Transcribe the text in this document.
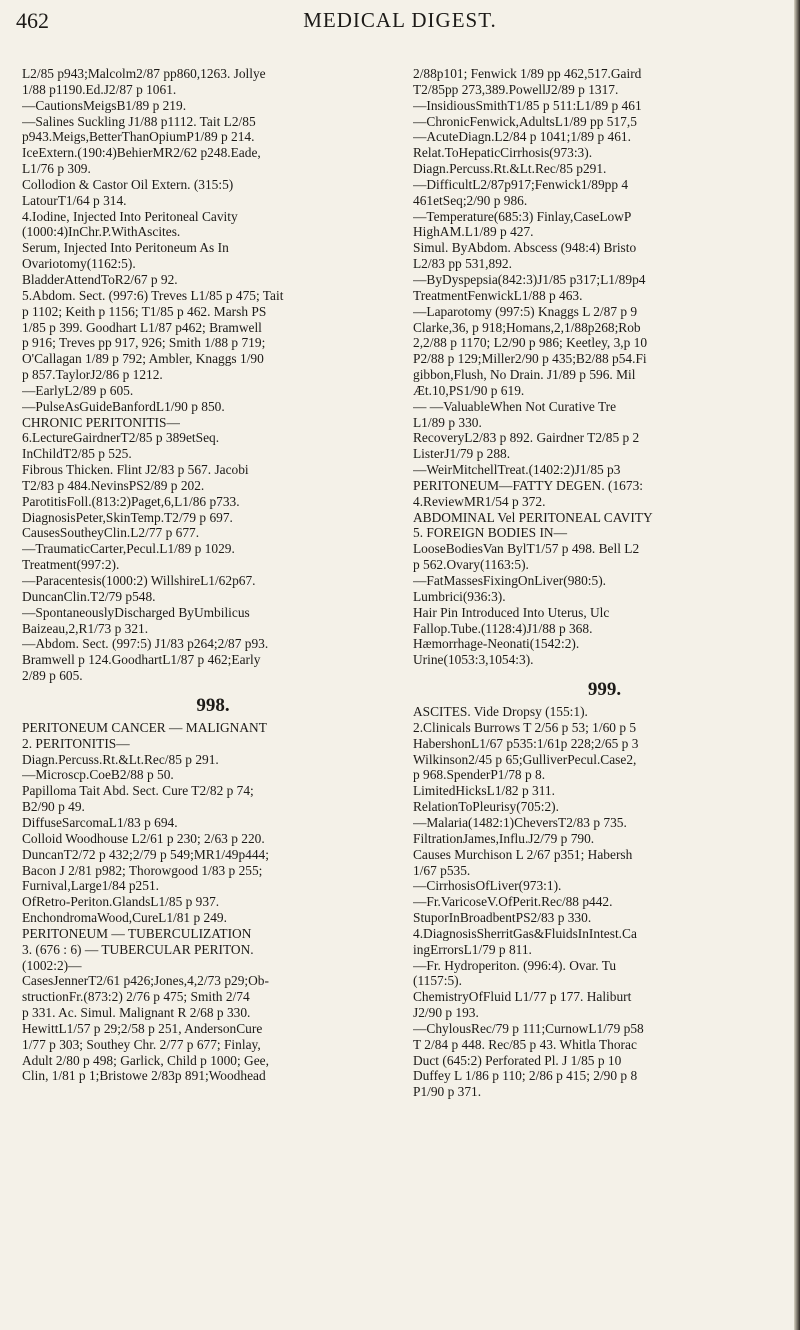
462	MEDICAL DIGEST.
L2/85 p943;Malcolm2/87 pp860,1263. Jollye
1/88 p1190.Ed.J2/87 p 1061.
—CautionsMeigsB1/89 p 219.
—Salines Suckling J1/88 p1112. Tait L2/85
p943.Meigs,BetterThanOpiumP1/89 p 214.
IceExtern.(190:4)BehierMR2/62 p248.Eade,
L1/76 p 309.
Collodion & Castor Oil Extern. (315:5)
LatourT1/64 p 314.
4.Iodine, Injected Into Peritoneal Cavity
(1000:4)InChr.P.WithAscites.
Serum, Injected Into Peritoneum As In
Ovariotomy(1162:5).
BladderAttendToR2/67 p 92.
5.Abdom. Sect. (997:6) Treves L1/85 p 475; Tait
p 1102; Keith p 1156; T1/85 p 462. Marsh PS
1/85 p 399. Goodhart L1/87 p462; Bramwell
p 916; Treves pp 917, 926; Smith 1/88 p 719;
O'Callagan 1/89 p 792; Ambler, Knaggs 1/90
p 857.TaylorJ2/86 p 1212.
—EarlyL2/89 p 605.
—PulseAsGuideBanfordL1/90 p 850.
CHRONIC PERITONITIS—
6.LectureGairdnerT2/85 p 389etSeq.
InChildT2/85 p 525.
Fibrous Thicken. Flint J2/83 p 567. Jacobi
T2/83 p 484.NevinsPS2/89 p 202.
ParotitisFoll.(813:2)Paget,6,L1/86 p733.
DiagnosisPeter,SkinTemp.T2/79 p 697.
CausesSoutheyClin.L2/77 p 677.
—TraumaticCarter,Pecul.L1/89 p 1029.
Treatment(997:2).
—Paracentesis(1000:2) WillshireL1/62p67.
DuncanClin.T2/79 p548.
—SpontaneouslyDischarged ByUmbilicus
Baizeau,2,R1/73 p 321.
—Abdom. Sect. (997:5) J1/83 p264;2/87 p93.
Bramwell p 124.GoodhartL1/87 p 462;Early
2/89 p 605.
998.
PERITONEUM CANCER — MALIGNANT
2. PERITONITIS—
Diagn.Percuss.Rt.&Lt.Rec/85 p 291.
—Microscp.CoeB2/88 p 50.
Papilloma Tait Abd. Sect. Cure T2/82 p 74;
B2/90 p 49.
DiffuseSarcomaL1/83 p 694.
Colloid Woodhouse L2/61 p 230; 2/63 p 220.
DuncanT2/72 p 432;2/79 p 549;MR1/49p444;
Bacon J 2/81 p982; Thorowgood 1/83 p 255;
Furnival,Large1/84 p251.
OfRetro-Periton.GlandsL1/85 p 937.
EnchondromaWood,CureL1/81 p 249.
PERITONEUM — TUBERCULIZATION
3. (676 : 6) — TUBERCULAR PERITON.
(1002:2)—
CasesJennerT2/61 p426;Jones,4,2/73 p29;Ob-
structionFr.(873:2) 2/76 p 475; Smith 2/74
p 331. Ac. Simul. Malignant R 2/68 p 330.
HewittL1/57 p 29;2/58 p 251, AndersonCure
1/77 p 303; Southey Chr. 2/77 p 677; Finlay,
Adult 2/80 p 498; Garlick, Child p 1000; Gee,
Clin, 1/81 p 1;Bristowe 2/83p 891;Woodhead
2/88p101; Fenwick 1/89 pp 462,517.Gaird
T2/85pp 273,389.PowellJ2/89 p 1317.
—InsidiousSmithT1/85 p 511:L1/89 p 461
—ChronicFenwick,AdultsL1/89 pp 517,5
—AcuteDiagn.L2/84 p 1041;1/89 p 461.
Relat.ToHepaticCirrhosis(973:3).
Diagn.Percuss.Rt.&Lt.Rec/85 p291.
—DifficultL2/87p917;Fenwick1/89pp 4
461etSeq;2/90 p 986.
—Temperature(685:3) Finlay,CaseLowP
HighAM.L1/89 p 427.
Simul. ByAbdom. Abscess (948:4) Bristo
L2/83 pp 531,892.
—ByDyspepsia(842:3)J1/85 p317;L1/89p4
TreatmentFenwickL1/88 p 463.
—Laparotomy (997:5) Knaggs L 2/87 p 9
Clarke,36, p 918;Homans,2,1/88p268;Rob
2,2/88 p 1170; L2/90 p 986; Keetley, 3,p 10
P2/88 p 129;Miller2/90 p 435;B2/88 p54.Fi
gibbon,Flush, No Drain. J1/89 p 596. Mil
Æt.10,PS1/90 p 619.
— —ValuableWhen Not Curative Tre
L1/89 p 330.
RecoveryL2/83 p 892. Gairdner T2/85 p 2
ListerJ1/79 p 288.
—WeirMitchellTreat.(1402:2)J1/85 p3
PERITONEUM—FATTY DEGEN. (1673:
4.ReviewMR1/54 p 372.
ABDOMINAL Vel PERITONEAL CAVITY
5. FOREIGN BODIES IN—
LooseBodiesVan BylT1/57 p 498. Bell L2
p 562.Ovary(1163:5).
—FatMassesFixingOnLiver(980:5).
Lumbrici(936:3).
Hair Pin Introduced Into Uterus, Ulc
Fallop.Tube.(1128:4)J1/88 p 368.
Hæmorrhage-Neonati(1542:2).
Urine(1053:3,1054:3).
999.
ASCITES. Vide Dropsy (155:1).
2.Clinicals Burrows T 2/56 p 53; 1/60 p 5
HabershonL1/67 p535:1/61p 228;2/65 p 3
Wilkinson2/45 p 65;GulliverPecul.Case2,
p 968.SpenderP1/78 p 8.
LimitedHicksL1/82 p 311.
RelationToPleurisy(705:2).
—Malaria(1482:1)CheversT2/83 p 735.
FiltrationJames,Influ.J2/79 p 790.
Causes Murchison L 2/67 p351; Habersh
1/67 p535.
—CirrhosisOfLiver(973:1).
—Fr.VaricoseV.OfPerit.Rec/88 p442.
StuporInBroadbentPS2/83 p 330.
4.DiagnosisSherritGas&FluidsInIntest.Ca
ingErrorsL1/79 p 811.
—Fr. Hydroperiton. (996:4). Ovar. Tu
(1157:5).
ChemistryOfFluid L1/77 p 177. Haliburt
J2/90 p 193.
—ChylousRec/79 p 111;CurnowL1/79 p58
T 2/84 p 448. Rec/85 p 43. Whitla Thorac
Duct (645:2) Perforated Pl. J 1/85 p 10
Duffey L 1/86 p 110; 2/86 p 415; 2/90 p 8
P1/90 p 371.
